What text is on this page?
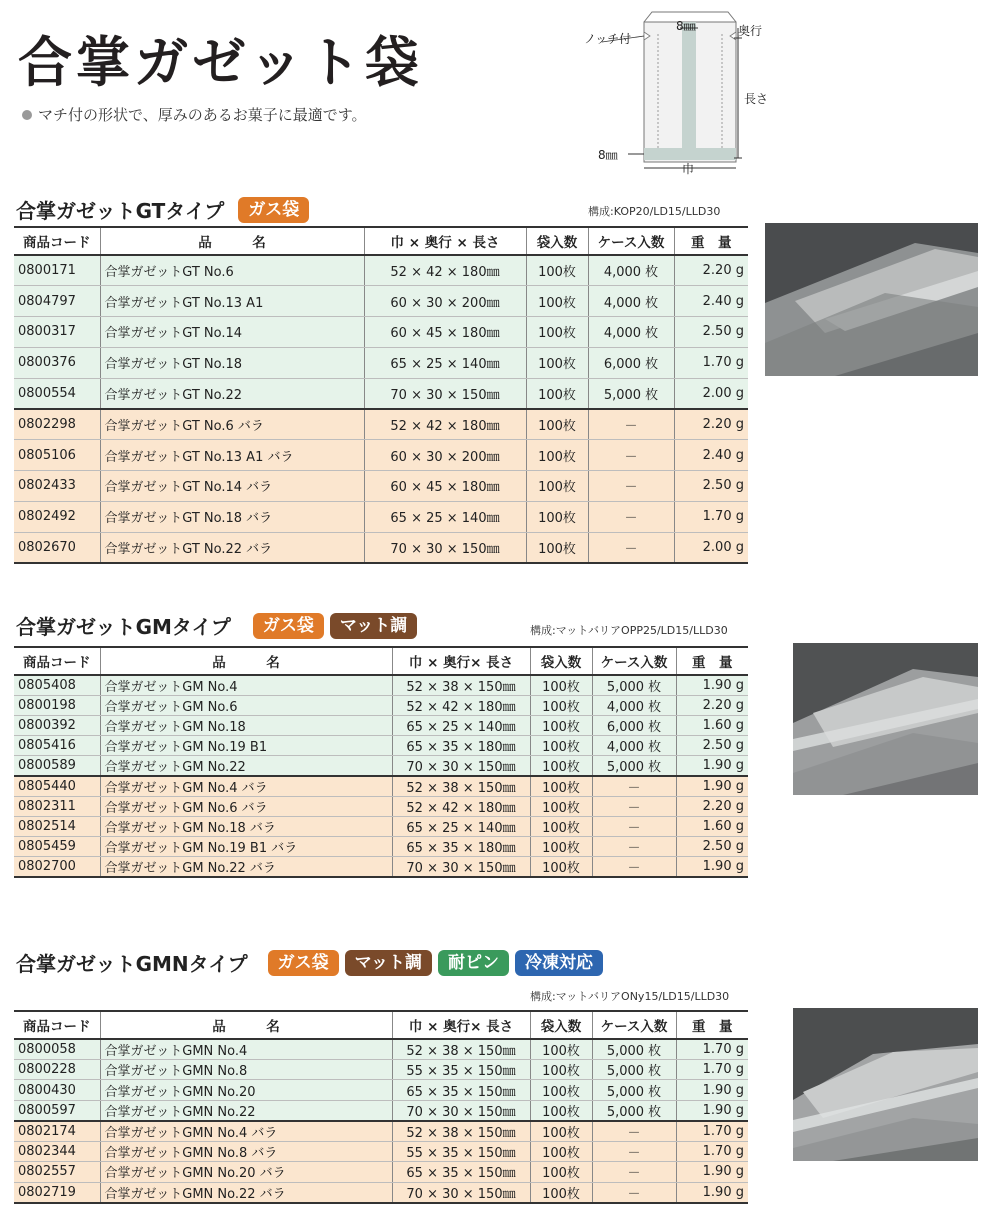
合掌ガゼット袋
マチ付の形状で、厚みのあるお菓子に最適です。
ノッチ付
8㎜	奥行
長さ
8㎜
巾
合掌ガゼットGTタイプ	ガス袋	構成:KOP20/LD15/LLD30
商品コード	品　　　名	巾 × 奥行 × 長さ	袋入数	ケース入数	重　量
0800171	合掌ガゼットGT No.6	52 × 42 × 180㎜	100枚	4,000 枚	2.20 g
0804797	合掌ガゼットGT No.13 A1	60 × 30 × 200㎜	100枚	4,000 枚	2.40 g
0800317	合掌ガゼットGT No.14	60 × 45 × 180㎜	100枚	4,000 枚	2.50 g
0800376	合掌ガゼットGT No.18	65 × 25 × 140㎜	100枚	6,000 枚	1.70 g
0800554	合掌ガゼットGT No.22	70 × 30 × 150㎜	100枚	5,000 枚	2.00 g
0802298	合掌ガゼットGT No.6 バラ	52 × 42 × 180㎜	100枚	－	2.20 g
0805106	合掌ガゼットGT No.13 A1 バラ	60 × 30 × 200㎜	100枚	－	2.40 g
0802433	合掌ガゼットGT No.14 バラ	60 × 45 × 180㎜	100枚	－	2.50 g
0802492	合掌ガゼットGT No.18 バラ	65 × 25 × 140㎜	100枚	－	1.70 g
0802670	合掌ガゼットGT No.22 バラ	70 × 30 × 150㎜	100枚	－	2.00 g
合掌ガゼットGMタイプ	ガス袋	マット調	構成:マットバリアOPP25/LD15/LLD30
商品コード	品　　　名	巾 × 奥行× 長さ	袋入数	ケース入数	重　量
0805408	合掌ガゼットGM No.4	52 × 38 × 150㎜	100枚	5,000 枚	1.90 g
0800198	合掌ガゼットGM No.6	52 × 42 × 180㎜	100枚	4,000 枚	2.20 g
0800392	合掌ガゼットGM No.18	65 × 25 × 140㎜	100枚	6,000 枚	1.60 g
0805416	合掌ガゼットGM No.19 B1	65 × 35 × 180㎜	100枚	4,000 枚	2.50 g
0800589	合掌ガゼットGM No.22	70 × 30 × 150㎜	100枚	5,000 枚	1.90 g
0805440	合掌ガゼットGM No.4 バラ	52 × 38 × 150㎜	100枚	－	1.90 g
0802311	合掌ガゼットGM No.6 バラ	52 × 42 × 180㎜	100枚	－	2.20 g
0802514	合掌ガゼットGM No.18 バラ	65 × 25 × 140㎜	100枚	－	1.60 g
0805459	合掌ガゼットGM No.19 B1 バラ	65 × 35 × 180㎜	100枚	－	2.50 g
0802700	合掌ガゼットGM No.22 バラ	70 × 30 × 150㎜	100枚	－	1.90 g
合掌ガゼットGMNタイプ	ガス袋	マット調	耐ピン	冷凍対応
構成:マットバリアONy15/LD15/LLD30
商品コード	品　　　名	巾 × 奥行× 長さ	袋入数	ケース入数	重　量
0800058	合掌ガゼットGMN No.4	52 × 38 × 150㎜	100枚	5,000 枚	1.70 g
0800228	合掌ガゼットGMN No.8	55 × 35 × 150㎜	100枚	5,000 枚	1.70 g
0800430	合掌ガゼットGMN No.20	65 × 35 × 150㎜	100枚	5,000 枚	1.90 g
0800597	合掌ガゼットGMN No.22	70 × 30 × 150㎜	100枚	5,000 枚	1.90 g
0802174	合掌ガゼットGMN No.4 バラ	52 × 38 × 150㎜	100枚	－	1.70 g
0802344	合掌ガゼットGMN No.8 バラ	55 × 35 × 150㎜	100枚	－	1.70 g
0802557	合掌ガゼットGMN No.20 バラ	65 × 35 × 150㎜	100枚	－	1.90 g
0802719	合掌ガゼットGMN No.22 バラ	70 × 30 × 150㎜	100枚	－	1.90 g
